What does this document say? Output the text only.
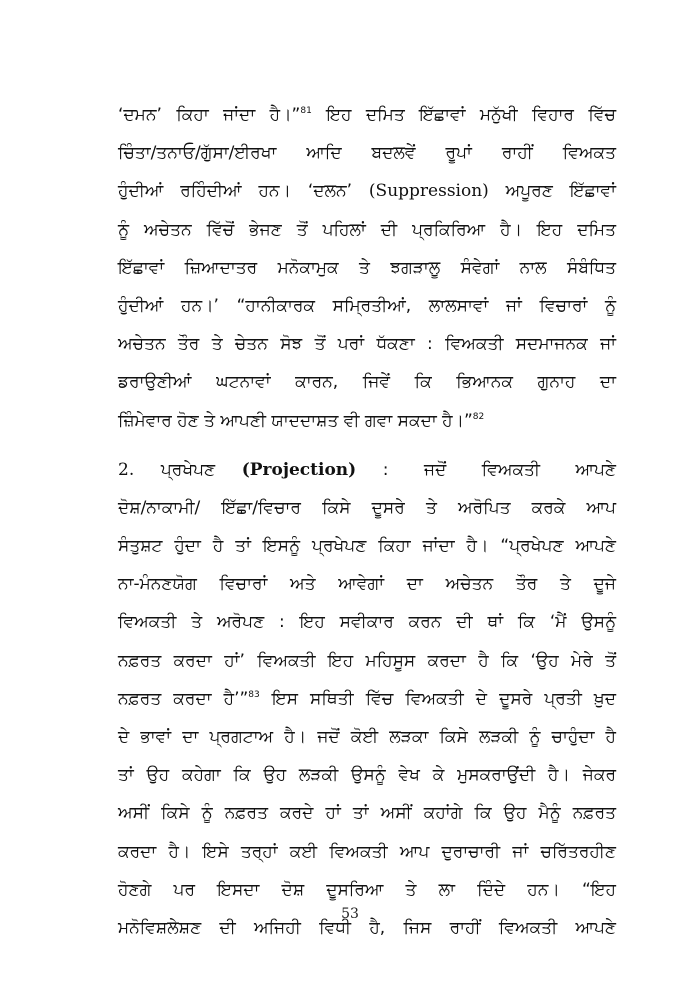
‘ਦਮਨ’ ਕਿਹਾ ਜਾਂਦਾ ਹੈ।”$^{81}$ ਇਹ ਦਮਿਤ ਇੱਛਾਵਾਂ ਮਨੁੱਖੀ ਵਿਹਾਰ ਵਿੱਚ
ਚਿੰਤਾ/ਤਨਾਓ/ਗੁੱਸਾ/ਈਰਖਾ ਆਦਿ ਬਦਲਵੇਂ ਰੂਪਾਂ ਰਾਹੀਂ ਵਿਅਕਤ
ਹੁੰਦੀਆਂ ਰਹਿੰਦੀਆਂ ਹਨ। ‘ਦਲਨ’ (Suppression) ਅਪੂਰਣ ਇੱਛਾਵਾਂ
ਨੂੰ ਅਚੇਤਨ ਵਿੱਚੋਂ ਭੇਜਣ ਤੋਂ ਪਹਿਲਾਂ ਦੀ ਪ੍ਰਕਿਰਿਆ ਹੈ। ਇਹ ਦਮਿਤ
ਇੱਛਾਵਾਂ ਜ਼ਿਆਦਾਤਰ ਮਨੋਕਾਮੁਕ ਤੇ ਝਗੜਾਲੂ ਸੰਵੇਗਾਂ ਨਾਲ ਸੰਬੰਧਿਤ
ਹੁੰਦੀਆਂ ਹਨ।’ “ਹਾਨੀਕਾਰਕ ਸਮ੍ਰਿਤੀਆਂ, ਲਾਲਸਾਵਾਂ ਜਾਂ ਵਿਚਾਰਾਂ ਨੂੰ
ਅਚੇਤਨ ਤੌਰ ਤੇ ਚੇਤਨ ਸੋਝ ਤੋਂ ਪਰਾਂ ਧੱਕਣਾ : ਵਿਅਕਤੀ ਸਦਮਾਜਨਕ ਜਾਂ
ਡਰਾਉਣੀਆਂ ਘਟਨਾਵਾਂ ਕਾਰਨ, ਜਿਵੇਂ ਕਿ ਭਿਆਨਕ ਗੁਨਾਹ ਦਾ
ਜ਼ਿੰਮੇਵਾਰ ਹੋਣ ਤੇ ਆਪਣੀ ਯਾਦਦਾਸ਼ਤ ਵੀ ਗਵਾ ਸਕਦਾ ਹੈ।”$^{82}$
2. ਪ੍ਰਖੇਪਣ (Projection) :    ਜਦੋਂ    ਵਿਅਕਤੀ    ਆਪਣੇ
ਦੋਸ਼/ਨਾਕਾਮੀ/ ਇੱਛਾ/ਵਿਚਾਰ ਕਿਸੇ ਦੂਸਰੇ ਤੇ ਅਰੋਪਿਤ ਕਰਕੇ ਆਪ
ਸੰਤੁਸ਼ਟ ਹੁੰਦਾ ਹੈ ਤਾਂ ਇਸਨੂੰ ਪ੍ਰਖੇਪਣ ਕਿਹਾ ਜਾਂਦਾ ਹੈ। “ਪ੍ਰਖੇਪਣ ਆਪਣੇ
ਨਾ-ਮੰਨਣਯੋਗ ਵਿਚਾਰਾਂ ਅਤੇ ਆਵੇਗਾਂ ਦਾ ਅਚੇਤਨ ਤੌਰ ਤੇ ਦੂਜੇ
ਵਿਅਕਤੀ ਤੇ ਅਰੋਪਣ : ਇਹ ਸਵੀਕਾਰ ਕਰਨ ਦੀ ਥਾਂ ਕਿ ‘ਮੈਂ ਉਸਨੂੰ
ਨਫ਼ਰਤ ਕਰਦਾ ਹਾਂ’ ਵਿਅਕਤੀ ਇਹ ਮਹਿਸੂਸ ਕਰਦਾ ਹੈ ਕਿ ‘ਉਹ ਮੇਰੇ ਤੋਂ
ਨਫ਼ਰਤ ਕਰਦਾ ਹੈ’”$^{83}$ ਇਸ ਸਥਿਤੀ ਵਿੱਚ ਵਿਅਕਤੀ ਦੇ ਦੂਸਰੇ ਪ੍ਰਤੀ ਖ਼ੁਦ
ਦੇ ਭਾਵਾਂ ਦਾ ਪ੍ਰਗਟਾਅ ਹੈ। ਜਦੋਂ ਕੋਈ ਲੜਕਾ ਕਿਸੇ ਲੜਕੀ ਨੂੰ ਚਾਹੁੰਦਾ ਹੈ
ਤਾਂ ਉਹ ਕਹੇਗਾ ਕਿ ਉਹ ਲੜਕੀ ਉਸਨੂੰ ਵੇਖ ਕੇ ਮੁਸਕਰਾਉਂਦੀ ਹੈ। ਜੇਕਰ
ਅਸੀਂ ਕਿਸੇ ਨੂੰ ਨਫ਼ਰਤ ਕਰਦੇ ਹਾਂ ਤਾਂ ਅਸੀਂ ਕਹਾਂਗੇ ਕਿ ਉਹ ਮੈਨੂੰ ਨਫ਼ਰਤ
ਕਰਦਾ ਹੈ। ਇਸੇ ਤਰ੍ਹਾਂ ਕਈ ਵਿਅਕਤੀ ਆਪ ਦੁਰਾਚਾਰੀ ਜਾਂ ਚਰਿੱਤਰਹੀਣ
ਹੋਣਗੇ ਪਰ ਇਸਦਾ ਦੋਸ਼ ਦੂਸਰਿਆ ਤੇ ਲਾ ਦਿੰਦੇ ਹਨ। “ਇਹ
ਮਨੋਵਿਸ਼ਲੇਸ਼ਣ ਦੀ ਅਜਿਹੀ ਵਿਧੀ ਹੈ, ਜਿਸ ਰਾਹੀਂ ਵਿਅਕਤੀ ਆਪਣੇ
53
